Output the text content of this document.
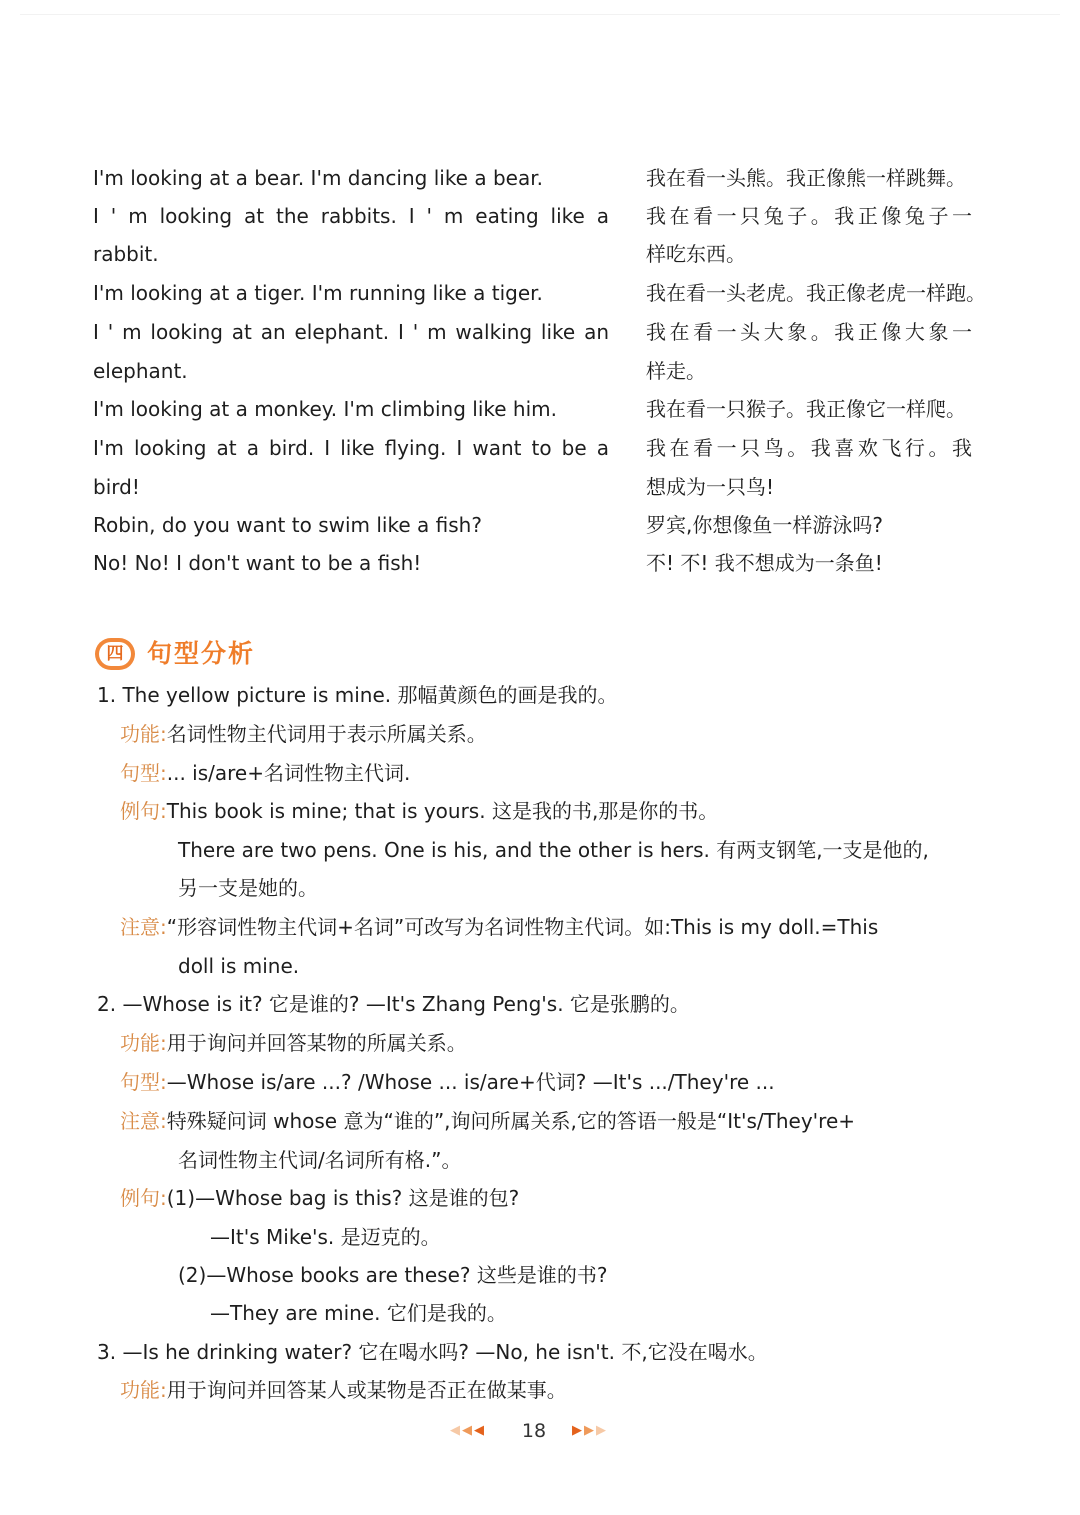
I'm looking at a bear. I'm dancing like a bear.	我在看一头熊。我正像熊一样跳舞。
I ' m looking at the rabbits. I ' m eating like a 我在看一只兔子。我正像兔子一
rabbit.	样吃东西。
I'm looking at a tiger. I'm running like a tiger.	我在看一头老虎。我正像老虎一样跑。
I ' m looking at an elephant. I ' m walking like an 我在看一头大象。我正像大象一
elephant.	样走。
I'm looking at a monkey. I'm climbing like him.	我在看一只猴子。我正像它一样爬。
I'm looking at a bird. I like flying. I want to be a 我在看一只鸟。我喜欢飞行。我
bird!	想成为一只鸟!
Robin, do you want to swim like a fish?	罗宾,你想像鱼一样游泳吗?
No! No! I don't want to be a fish!	不! 不! 我不想成为一条鱼!
四 句型分析
1. The yellow picture is mine. 那幅黄颜色的画是我的。
功能:名词性物主代词用于表示所属关系。
句型:... is/are+名词性物主代词.
例句:This book is mine; that is yours. 这是我的书,那是你的书。
There are two pens. One is his, and the other is hers. 有两支钢笔,一支是他的,
另一支是她的。
注意:“形容词性物主代词+名词”可改写为名词性物主代词。如:This is my doll.=This
doll is mine.
2. —Whose is it? 它是谁的? —It's Zhang Peng's. 它是张鹏的。
功能:用于询问并回答某物的所属关系。
句型:—Whose is/are ...? /Whose ... is/are+代词? —It's .../They're ...
注意:特殊疑问词 whose 意为“谁的”,询问所属关系,它的答语一般是“It's/They're+
名词性物主代词/名词所有格.”。
例句:(1)—Whose bag is this? 这是谁的包?
—It's Mike's. 是迈克的。
(2)—Whose books are these? 这些是谁的书?
—They are mine. 它们是我的。
3. —Is he drinking water? 它在喝水吗? —No, he isn't. 不,它没在喝水。
功能:用于询问并回答某人或某物是否正在做某事。
◀◀◀	18	▶▶▶
